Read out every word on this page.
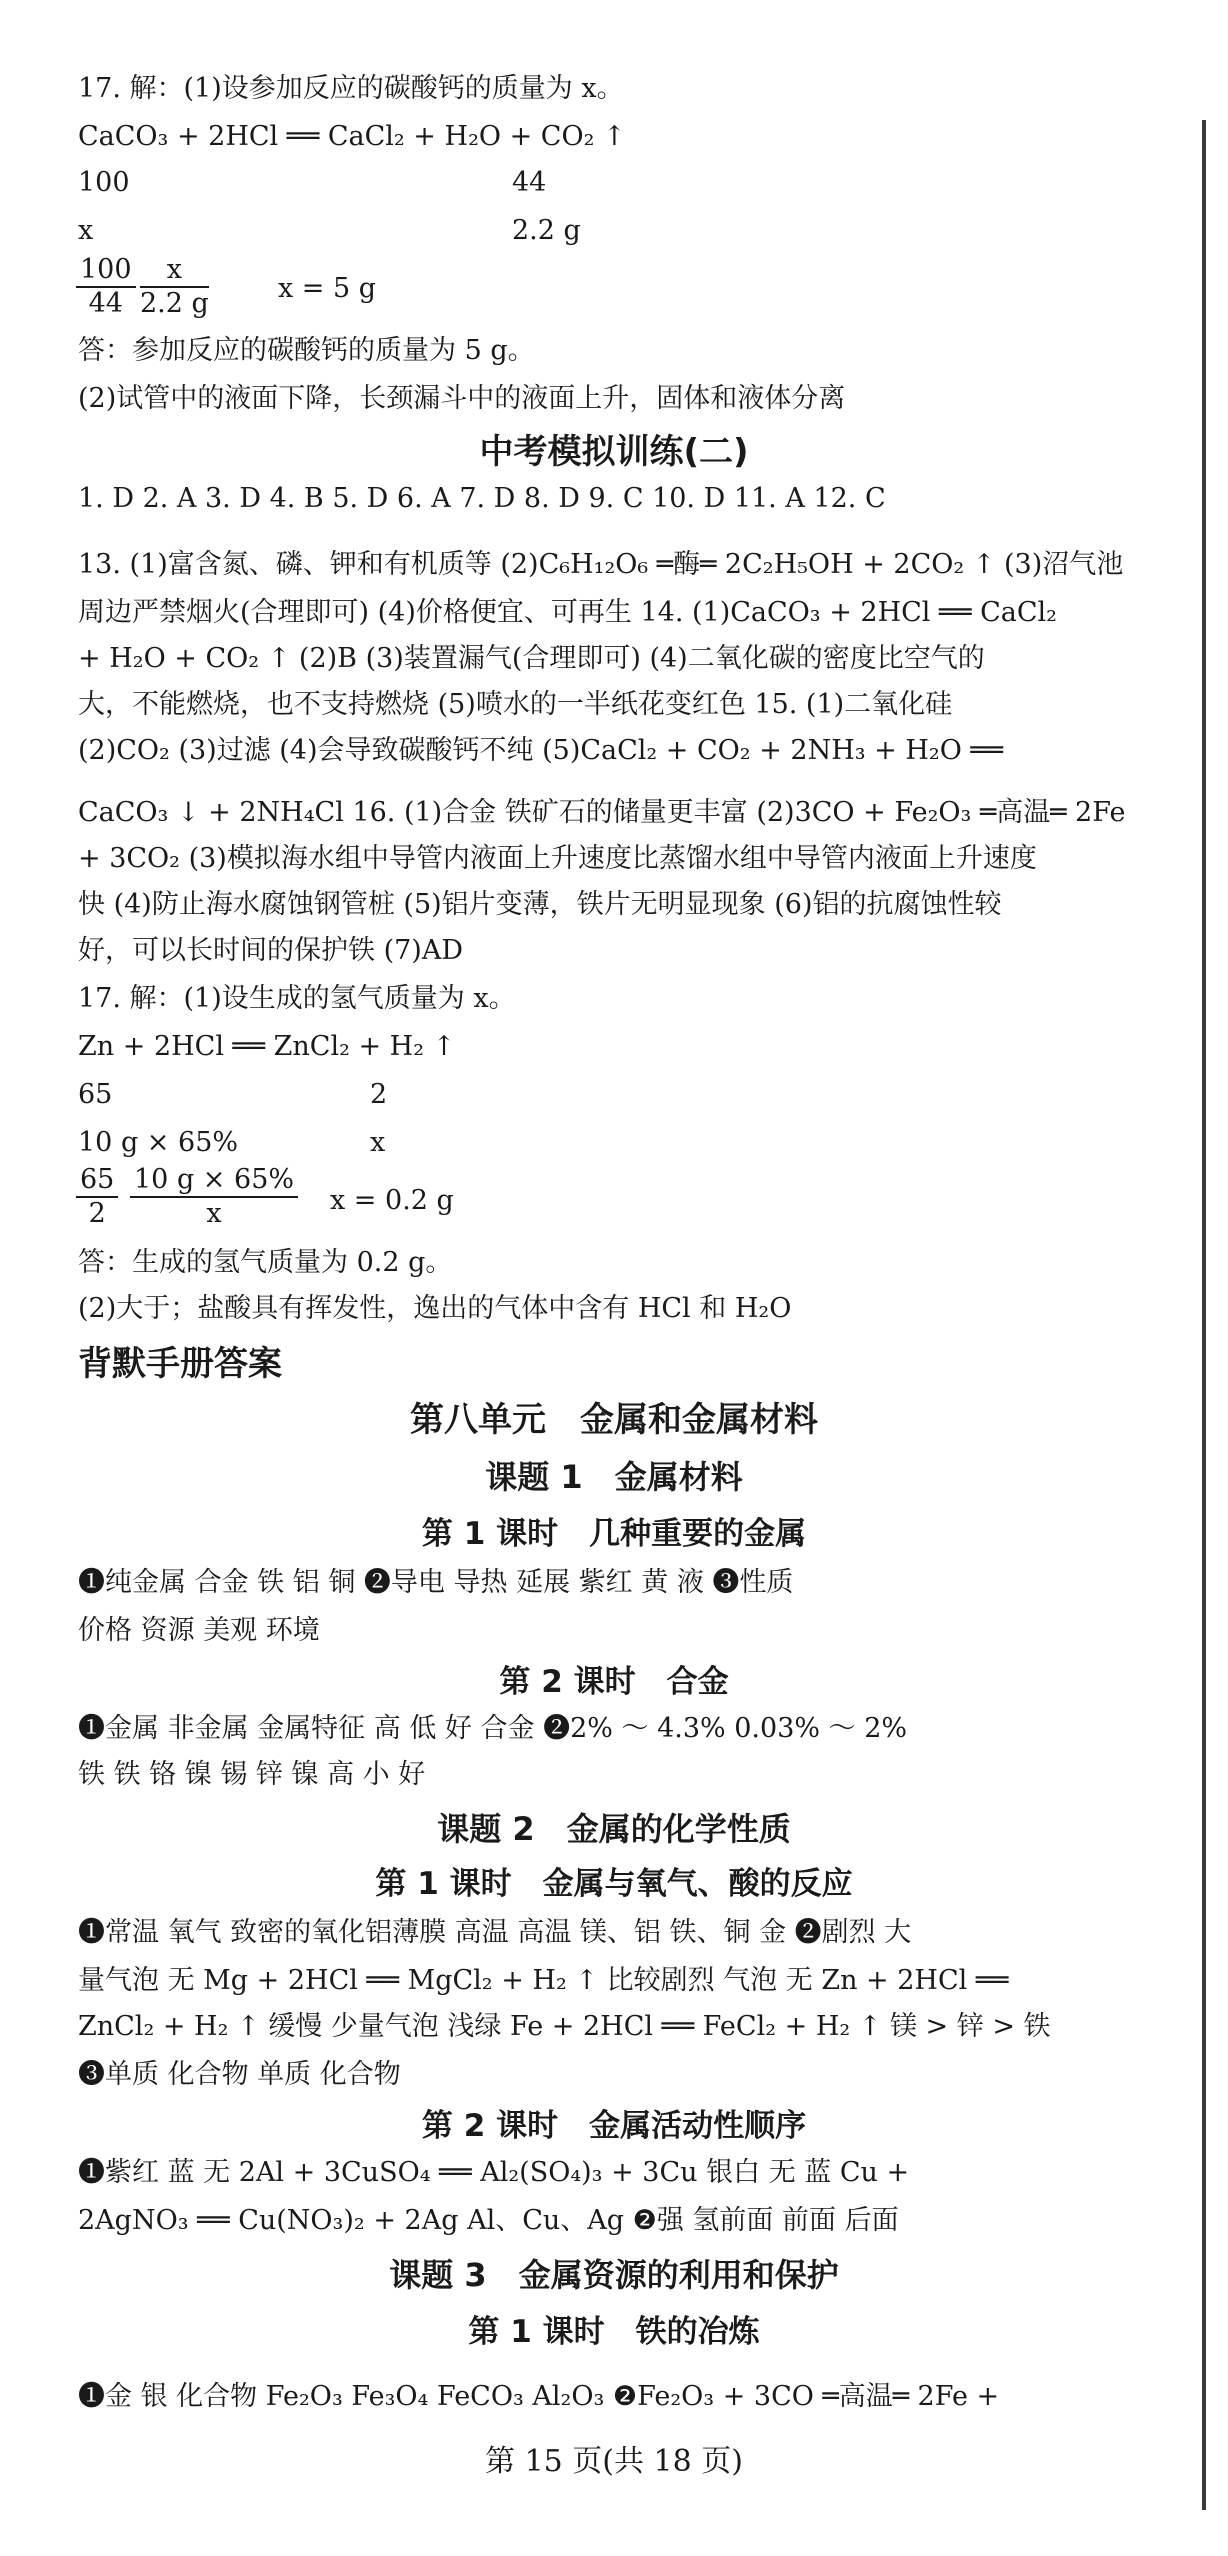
17. 解：(1)设参加反应的碳酸钙的质量为 x。
CaCO₃ + 2HCl ══ CaCl₂ + H₂O + CO₂ ↑
100	44
x	2.2 g
x = 5 g
答：参加反应的碳酸钙的质量为 5 g。
(2)试管中的液面下降，长颈漏斗中的液面上升，固体和液体分离
1. D 2. A 3. D 4. B 5. D 6. A 7. D 8. D 9. C 10. D 11. A 12. C
13. (1)富含氮、磷、钾和有机质等 (2)C₆H₁₂O₆ ═酶═ 2C₂H₅OH + 2CO₂ ↑ (3)沼气池
周边严禁烟火(合理即可) (4)价格便宜、可再生 14. (1)CaCO₃ + 2HCl ══ CaCl₂
+ H₂O + CO₂ ↑ (2)B (3)装置漏气(合理即可) (4)二氧化碳的密度比空气的
大，不能燃烧，也不支持燃烧 (5)喷水的一半纸花变红色 15. (1)二氧化硅
(2)CO₂ (3)过滤 (4)会导致碳酸钙不纯 (5)CaCl₂ + CO₂ + 2NH₃ + H₂O ══
CaCO₃ ↓ + 2NH₄Cl 16. (1)合金 铁矿石的储量更丰富 (2)3CO + Fe₂O₃ ═高温═ 2Fe
+ 3CO₂ (3)模拟海水组中导管内液面上升速度比蒸馏水组中导管内液面上升速度
快 (4)防止海水腐蚀钢管桩 (5)铝片变薄，铁片无明显现象 (6)铝的抗腐蚀性较
好，可以长时间的保护铁 (7)AD
17. 解：(1)设生成的氢气质量为 x。
Zn + 2HCl ══ ZnCl₂ + H₂ ↑
65	2
10 g × 65%	x
x = 0.2 g
答：生成的氢气质量为 0.2 g。
(2)大于；盐酸具有挥发性，逸出的气体中含有 HCl 和 H₂O
❶纯金属 合金 铁 铝 铜 ❷导电 导热 延展 紫红 黄 液 ❸性质
价格 资源 美观 环境
❶金属 非金属 金属特征 高 低 好 合金 ❷2% ～ 4.3% 0.03% ～ 2%
铁 铁 铬 镍 锡 锌 镍 高 小 好
❶常温 氧气 致密的氧化铝薄膜 高温 高温 镁、铝 铁、铜 金 ❷剧烈 大
量气泡 无 Mg + 2HCl ══ MgCl₂ + H₂ ↑ 比较剧烈 气泡 无 Zn + 2HCl ══
ZnCl₂ + H₂ ↑ 缓慢 少量气泡 浅绿 Fe + 2HCl ══ FeCl₂ + H₂ ↑ 镁 > 锌 > 铁
❸单质 化合物 单质 化合物
❶紫红 蓝 无 2Al + 3CuSO₄ ══ Al₂(SO₄)₃ + 3Cu 银白 无 蓝 Cu +
2AgNO₃ ══ Cu(NO₃)₂ + 2Ag Al、Cu、Ag ❷强 氢前面 前面 后面
❶金 银 化合物 Fe₂O₃ Fe₃O₄ FeCO₃ Al₂O₃ ❷Fe₂O₃ + 3CO ═高温═ 2Fe +
$\frac{100}{44} \frac{x}{2.2 g}$
$\frac{65}{2} \frac{10 g \times 65\%}{x}$
中考模拟训练(二)
背默手册答案
第八单元　金属和金属材料
课题 1　金属材料
第 1 课时　几种重要的金属
第 2 课时　合金
课题 2　金属的化学性质
第 1 课时　金属与氧气、酸的反应
第 2 课时　金属活动性顺序
课题 3　金属资源的利用和保护
第 1 课时　铁的冶炼
第 15 页(共 18 页)
